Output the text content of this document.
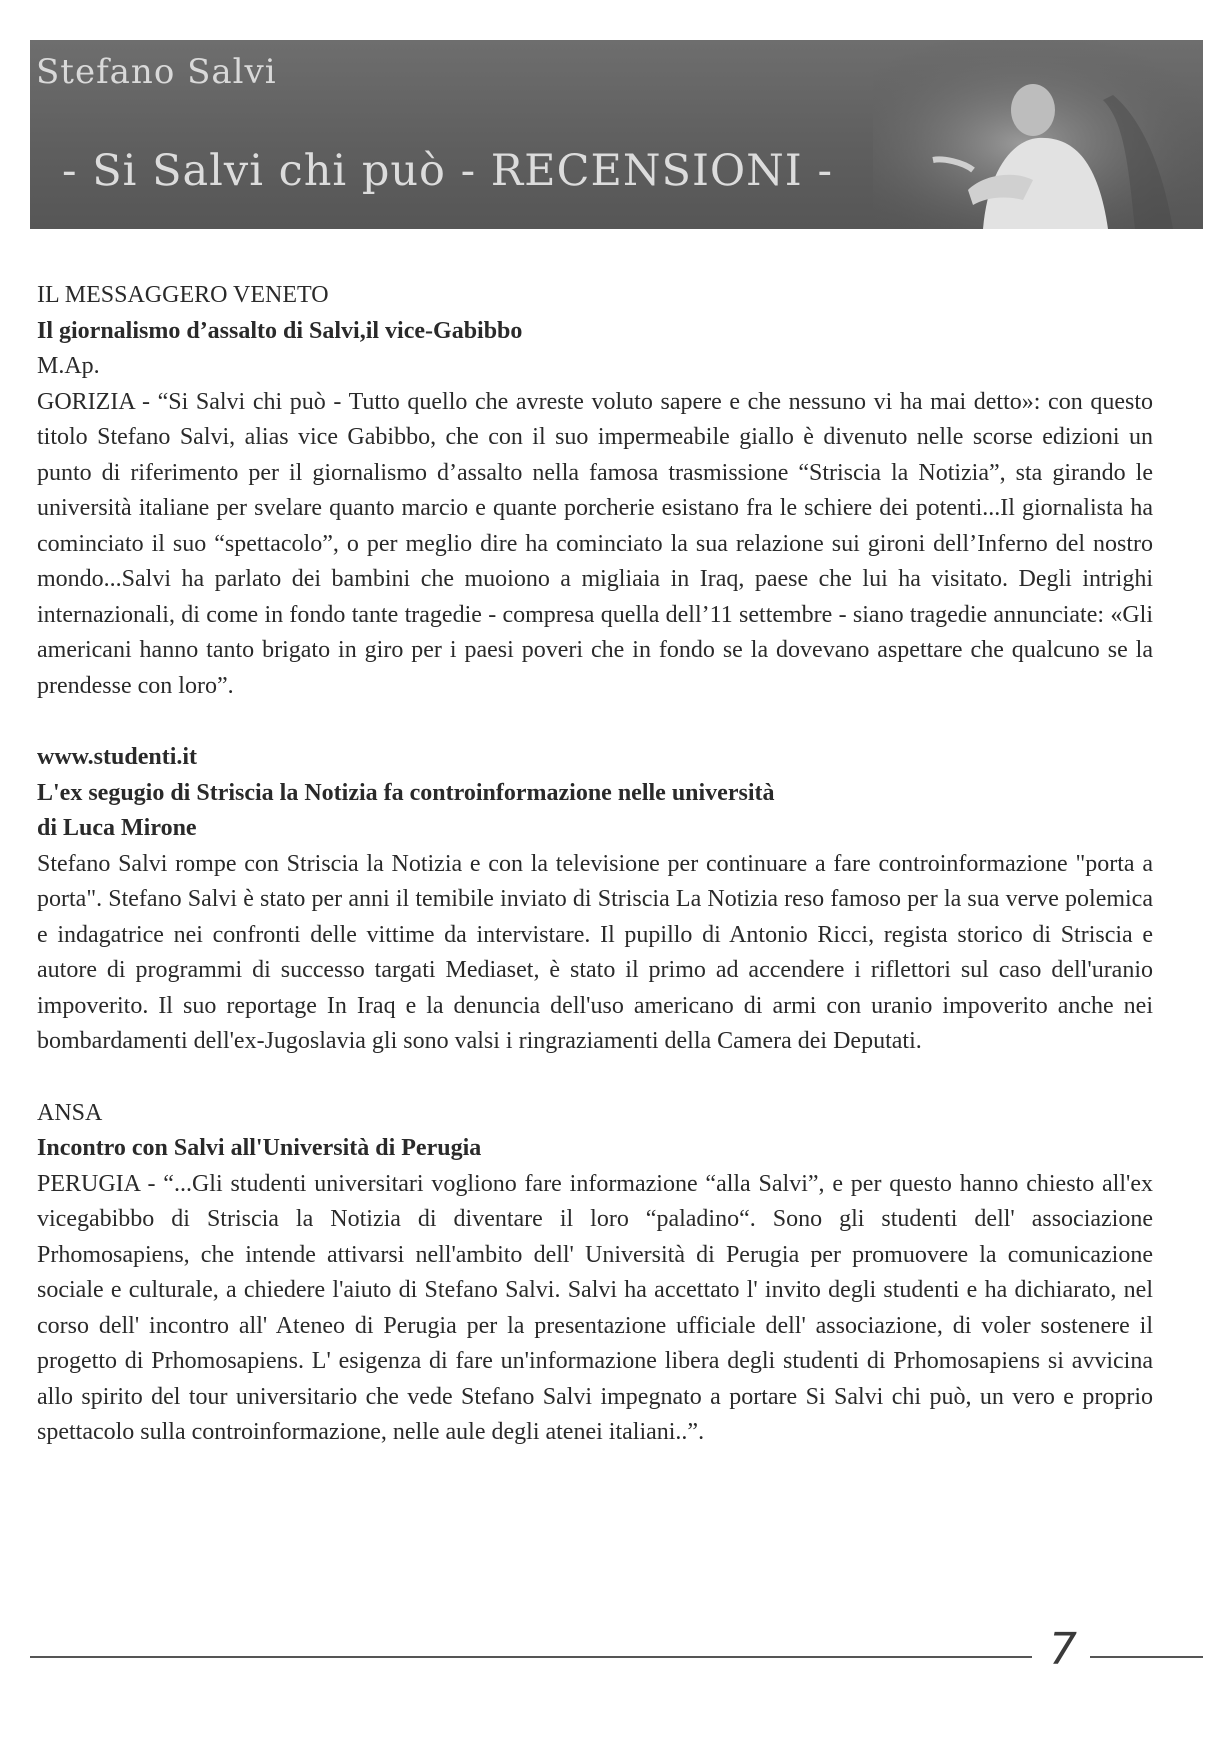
Stefano Salvi
- Si Salvi chi può - RECENSIONI -

IL MESSAGGERO VENETO

Il giornalismo d’assalto di Salvi,il vice-Gabibbo

M.Ap.

GORIZIA - “Si Salvi chi può - Tutto quello che avreste voluto sapere e che nessuno vi ha mai detto»: con questo titolo Stefano Salvi, alias vice Gabibbo, che con il suo impermeabile giallo è divenuto nelle scorse edizioni un punto di riferimento per il giornalismo d’assalto nella famosa trasmissione “Striscia la Notizia”, sta girando le università italiane per svelare quanto marcio e quante porcherie esistano fra le schiere dei potenti...Il giornalista ha cominciato il suo “spettacolo”, o per meglio dire ha cominciato la sua relazione sui gironi dell’Inferno del nostro mondo...Salvi ha parlato dei bambini che muoiono a migliaia in Iraq, paese che lui ha visitato. Degli intrighi internazionali, di come in fondo tante tragedie - compresa quella dell’11 settembre - siano tragedie annunciate: «Gli americani hanno tanto brigato in giro per i paesi poveri che in fondo se la dovevano aspettare che qualcuno se la prendesse con loro”.

www.studenti.it

L'ex segugio di Striscia la Notizia fa controinformazione nelle università

di Luca Mirone

Stefano Salvi rompe con Striscia la Notizia e con la televisione per continuare a fare controinformazione "porta a porta". Stefano Salvi è stato per anni il temibile inviato di Striscia La Notizia reso famoso per la sua verve polemica e indagatrice nei confronti delle vittime da intervistare. Il pupillo di Antonio Ricci, regista storico di Striscia e autore di programmi di successo targati Mediaset, è stato il primo ad accendere i riflettori sul caso dell'uranio impoverito. Il suo reportage In Iraq e la denuncia dell'uso americano di armi con uranio impoverito anche nei bombardamenti dell'ex-Jugoslavia gli sono valsi i ringraziamenti della Camera dei Deputati.

ANSA

Incontro con Salvi all'Università di Perugia

PERUGIA - “...Gli studenti universitari vogliono fare informazione “alla Salvi”, e per questo hanno chiesto all'ex vicegabibbo di Striscia la Notizia di diventare il loro “paladino“. Sono gli studenti dell' associazione Prhomosapiens, che intende attivarsi nell'ambito dell' Università di Perugia per promuovere la comunicazione sociale e culturale, a chiedere l'aiuto di Stefano Salvi. Salvi ha accettato l' invito degli studenti e ha dichiarato, nel corso dell' incontro all' Ateneo di Perugia per la presentazione ufficiale dell' associazione, di voler sostenere il progetto di Prhomosapiens. L' esigenza di fare un'informazione libera degli studenti di Prhomosapiens si avvicina allo spirito del tour universitario che vede Stefano Salvi impegnato a portare Si Salvi chi può, un vero e proprio spettacolo sulla controinformazione, nelle aule degli atenei italiani..”.

7
